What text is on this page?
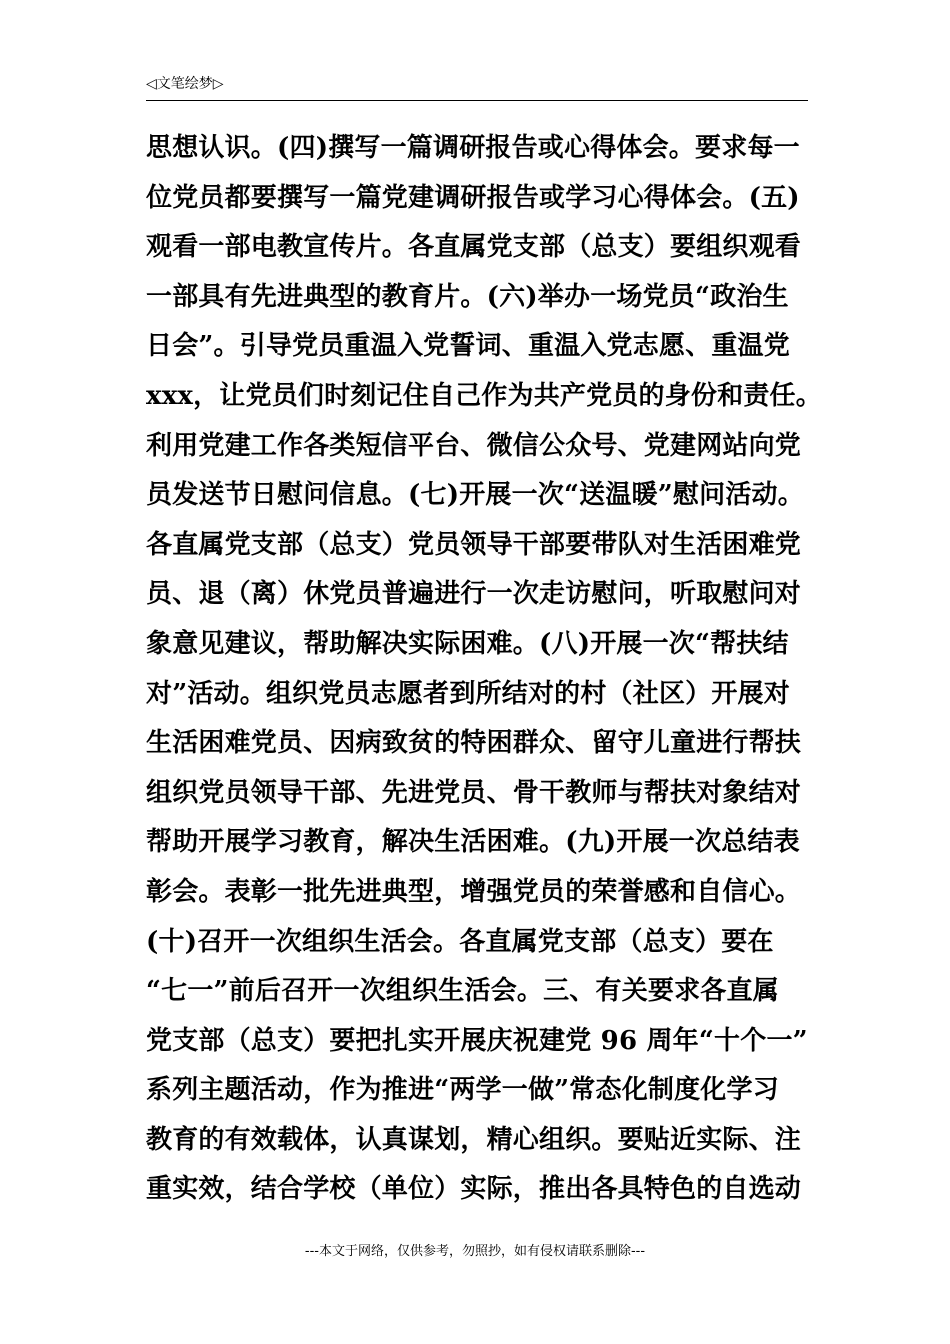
◁文笔绘梦▷
思想认识。(四)撰写一篇调研报告或心得体会。要求每一
位党员都要撰写一篇党建调研报告或学习心得体会。(五)
观看一部电教宣传片。各直属党支部（总支）要组织观看
一部具有先进典型的教育片。(六)举办一场党员“政治生
日会”。引导党员重温入党誓词、重温入党志愿、重温党
xxx，让党员们时刻记住自己作为共产党员的身份和责任。
利用党建工作各类短信平台、微信公众号、党建网站向党
员发送节日慰问信息。(七)开展一次“送温暖”慰问活动。
各直属党支部（总支）党员领导干部要带队对生活困难党
员、退（离）休党员普遍进行一次走访慰问，听取慰问对
象意见建议，帮助解决实际困难。(八)开展一次“帮扶结
对”活动。组织党员志愿者到所结对的村（社区）开展对
生活困难党员、因病致贫的特困群众、留守儿童进行帮扶
组织党员领导干部、先进党员、骨干教师与帮扶对象结对
帮助开展学习教育，解决生活困难。(九)开展一次总结表
彰会。表彰一批先进典型，增强党员的荣誉感和自信心。
(十)召开一次组织生活会。各直属党支部（总支）要在
“七一”前后召开一次组织生活会。三、有关要求各直属
党支部（总支）要把扎实开展庆祝建党 96 周年“十个一”
系列主题活动，作为推进“两学一做”常态化制度化学习
教育的有效载体，认真谋划，精心组织。要贴近实际、注
重实效，结合学校（单位）实际，推出各具特色的自选动
---本文于网络，仅供参考，勿照抄，如有侵权请联系删除---
